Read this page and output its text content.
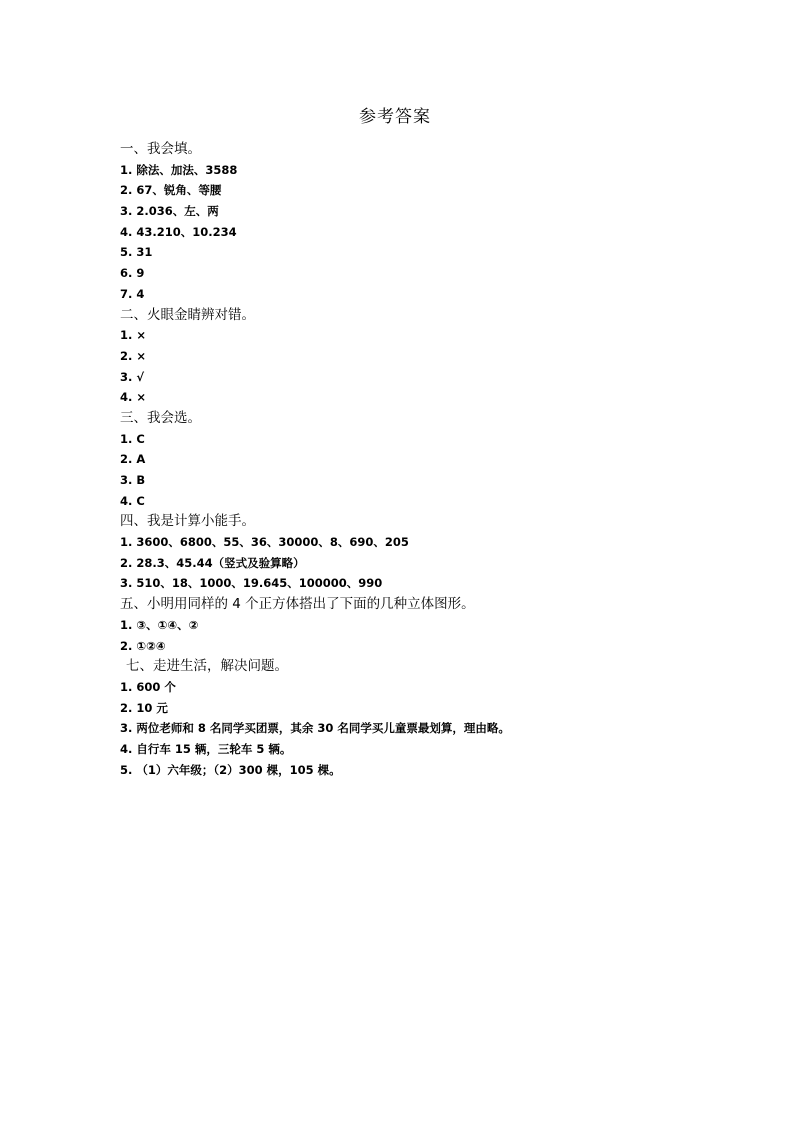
参考答案
一、我会填。
1. 除法、加法、3588
2. 67、锐角、等腰
3. 2.036、左、两
4. 43.210、10.234
5. 31
6. 9
7. 4
二、火眼金睛辨对错。
1. ×
2. ×
3. √
4. ×
三、我会选。
1. C
2. A
3. B
4. C
四、我是计算小能手。
1. 3600、6800、55、36、30000、8、690、205
2. 28.3、45.44（竖式及验算略）
3. 510、18、1000、19.645、100000、990
五、小明用同样的 4 个正方体搭出了下面的几种立体图形。
1. ③、①④、②
2. ①②④
七、走进生活，解决问题。
1. 600 个
2. 10 元
3. 两位老师和 8 名同学买团票，其余 30 名同学买儿童票最划算，理由略。
4. 自行车 15 辆，三轮车 5 辆。
5. （1）六年级；（2）300 棵，105 棵。
